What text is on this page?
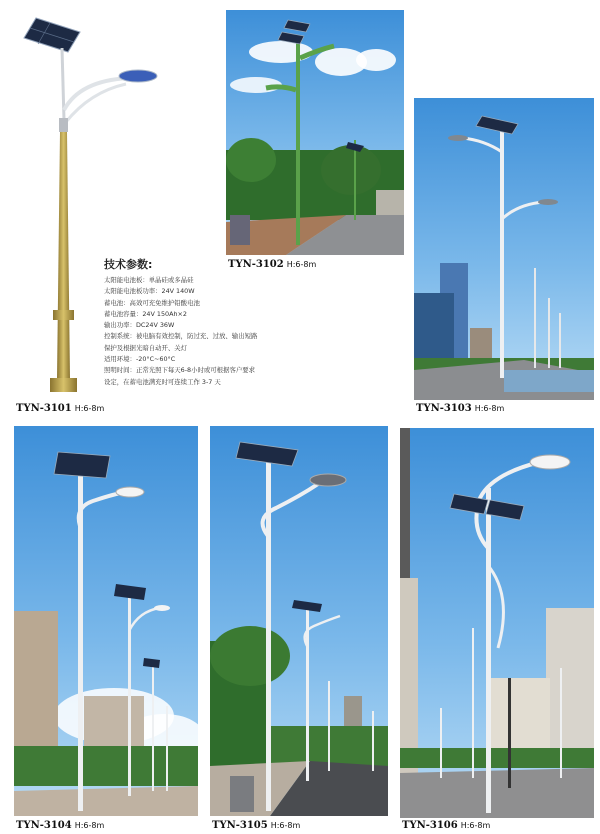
技术参数:
太阳能电池板：单晶硅或多晶硅
太阳能电池板功率：24V 140W
蓄电池：高效可充免维护铅酸电池
蓄电池容量：24V 150Ah×2
输出功率：DC24V 36W
控制系统：被电脑有效控制，防过充、过放、输出短路
保护及根据光暗自动开、关灯
适用环境：-20°C~60°C
照明时间：正常光照下每天6-8小时或可根据客户要求
设定，在蓄电池满充时可连续工作 3-7 天
TYN-3101 H:6-8m
TYN-3102 H:6-8m
TYN-3103 H:6-8m
TYN-3104 H:6-8m	TYN-3105 H:6-8m	TYN-3106 H:6-8m
